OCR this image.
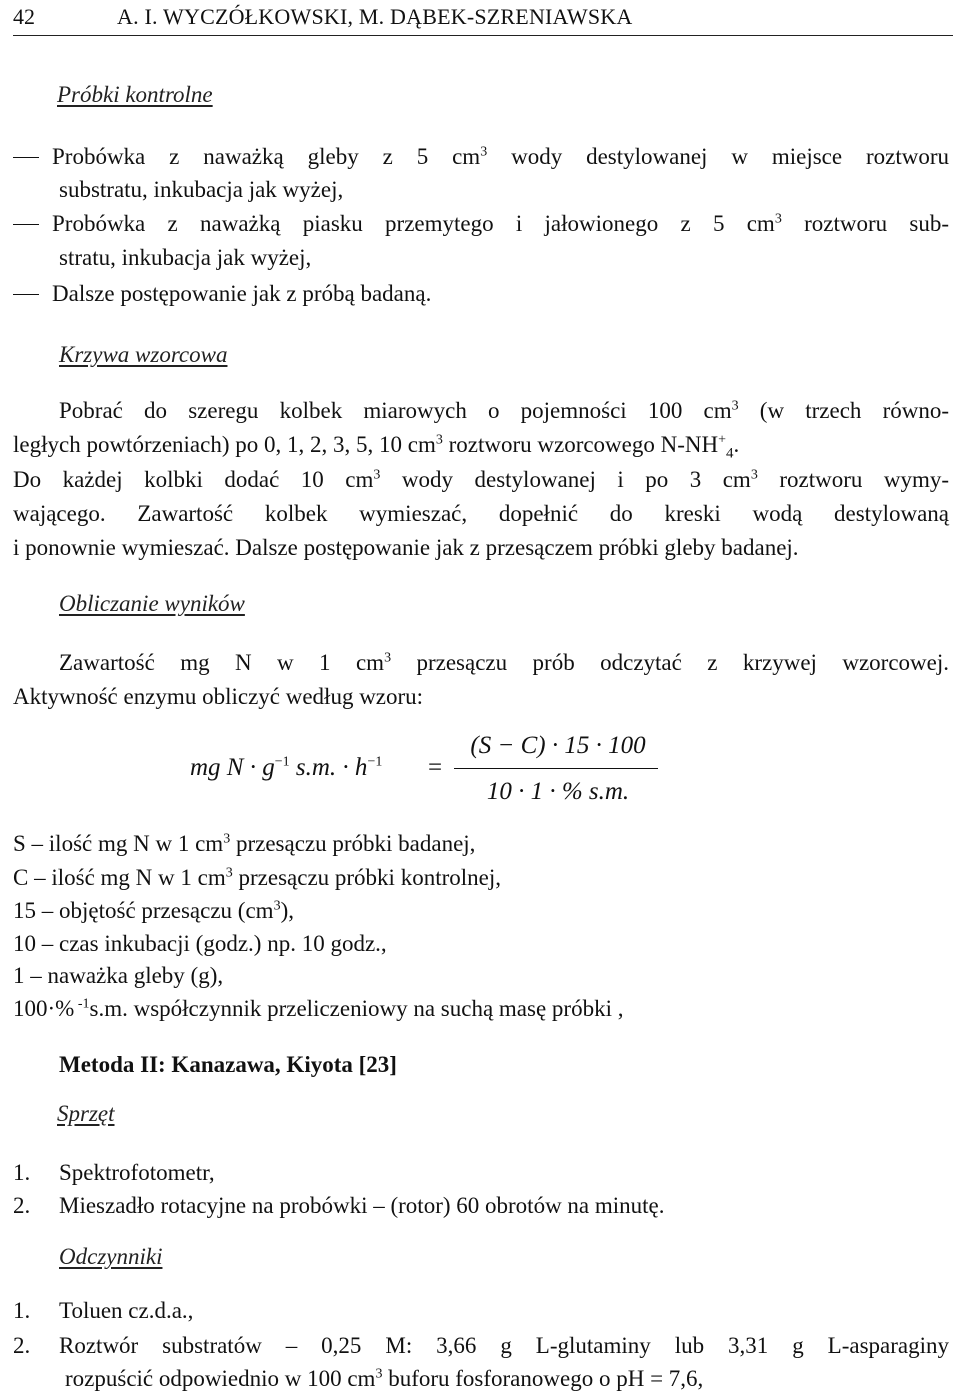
42	A. I. WYCZÓŁKOWSKI, M. DĄBEK-SZRENIAWSKA
Próbki kontrolne
Probówka z naważką gleby z 5 $cm^3$ wody destylowanej w miejsce roztworu
substratu, inkubacja jak wyżej,
Probówka z naważką piasku przemytego i jałowionego z 5 $cm^3$ roztworu sub-
stratu, inkubacja jak wyżej,
Dalsze postępowanie jak z próbą badaną.
Krzywa wzorcowa
Pobrać do szeregu kolbek miarowych o pojemności 100 $cm^3$ (w trzech równo-
ległych powtórzeniach) po 0, 1, 2, 3, 5, 10 $cm^3$ roztworu wzorcowego $N-NH^+_4$.
Do każdej kolbki dodać 10 $cm^3$ wody destylowanej i po 3 $cm^3$ roztworu wymy-
wającego. Zawartość kolbek wymieszać, dopełnić do kreski wodą destylowaną
i ponownie wymieszać. Dalsze postępowanie jak z przesączem próbki gleby badanej.
Obliczanie wyników
Zawartość mg N w 1 $cm^3$ przesączu prób odczytać z krzywej wzorcowej.
Aktywność enzymu obliczyć według wzoru:
mg $N \cdot g^{-1}$ s.m. · $h^{-1}$ =
(S − C) · 15 · 100
10 · 1 · % s.m.
S – ilość mg N w 1 $cm^3$ przesączu próbki badanej,
C – ilość mg N w 1 $cm^3$ przesączu próbki kontrolnej,
15 – objętość przesączu $(cm^3)$,
10 – czas inkubacji (godz.) np. 10 godz.,
1 – naważka gleby (g),
100·% $^{-1}$s.m. współczynnik przeliczeniowy na suchą masę próbki ,
Metoda II: Kanazawa, Kiyota [23]
Sprzęt
1. Spektrofotometr,
2. Mieszadło rotacyjne na probówki – (rotor) 60 obrotów na minutę.
Odczynniki
1. Toluen cz.d.a.,
2. Roztwór substratów – 0,25 M: 3,66 g L-glutaminy lub 3,31 g L-asparaginy
rozpuścić odpowiednio w 100 $cm^3$ buforu fosforanowego o pH = 7,6,
